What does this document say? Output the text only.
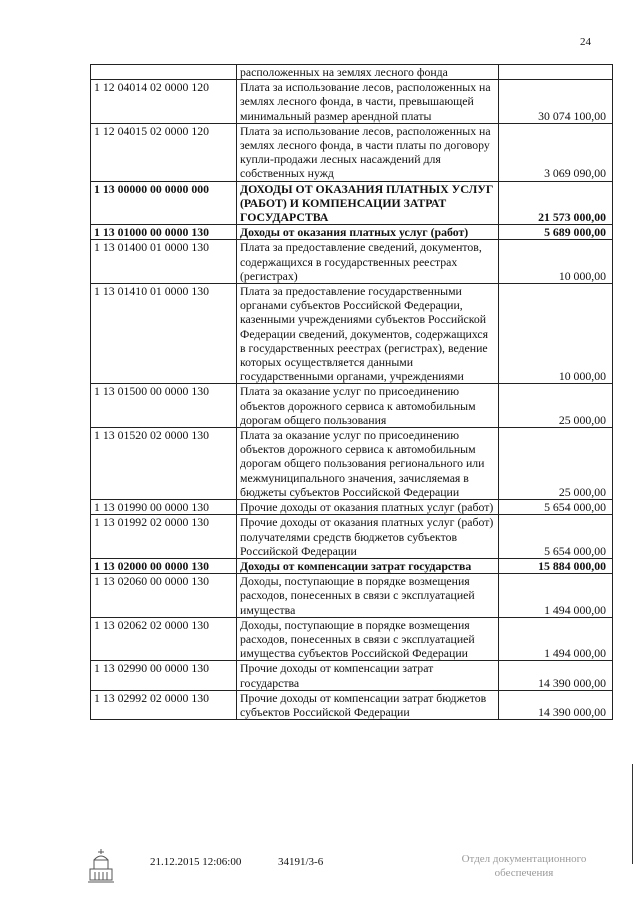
24
	расположенных на землях лесного фонда	
1 12 04014 02 0000 120	Плата за использование лесов, расположенных на землях лесного фонда, в части, превышающей минимальный размер арендной платы	30 074 100,00
1 12 04015 02 0000 120	Плата за использование лесов, расположенных на землях лесного фонда, в части платы по договору купли-продажи лесных насаждений для собственных нужд	3 069 090,00
1 13 00000 00 0000 000	ДОХОДЫ ОТ ОКАЗАНИЯ ПЛАТНЫХ УСЛУГ (РАБОТ) И КОМПЕНСАЦИИ ЗАТРАТ ГОСУДАРСТВА	21 573 000,00
1 13 01000 00 0000 130	Доходы от оказания платных услуг (работ)	5 689 000,00
1 13 01400 01 0000 130	Плата за предоставление сведений, документов, содержащихся в государственных реестрах (регистрах)	10 000,00
1 13 01410 01 0000 130	Плата за предоставление государственными органами субъектов Российской Федерации, казенными учреждениями субъектов Российской Федерации сведений, документов, содержащихся в государственных реестрах (регистрах), ведение которых осуществляется данными государственными органами, учреждениями	10 000,00
1 13 01500 00 0000 130	Плата за оказание услуг по присоединению объектов дорожного сервиса к автомобильным дорогам общего пользования	25 000,00
1 13 01520 02 0000 130	Плата за оказание услуг по присоединению объектов дорожного сервиса к автомобильным дорогам общего пользования регионального или межмуниципального значения, зачисляемая в бюджеты субъектов Российской Федерации	25 000,00
1 13 01990 00 0000 130	Прочие доходы от оказания платных услуг (работ)	5 654 000,00
1 13 01992 02 0000 130	Прочие доходы от оказания платных услуг (работ) получателями средств бюджетов субъектов Российской Федерации	5 654 000,00
1 13 02000 00 0000 130	Доходы от компенсации затрат государства	15 884 000,00
1 13 02060 00 0000 130	Доходы, поступающие в порядке возмещения расходов, понесенных в связи с эксплуатацией имущества	1 494 000,00
1 13 02062 02 0000 130	Доходы, поступающие в порядке возмещения расходов, понесенных в связи с эксплуатацией имущества субъектов Российской Федерации	1 494 000,00
1 13 02990 00 0000 130	Прочие доходы от компенсации затрат государства	14 390 000,00
1 13 02992 02 0000 130	Прочие доходы от компенсации затрат бюджетов субъектов Российской Федерации	14 390 000,00
21.12.2015 12:06:00	34191/3-6	Отдел документационного
обеспечения
